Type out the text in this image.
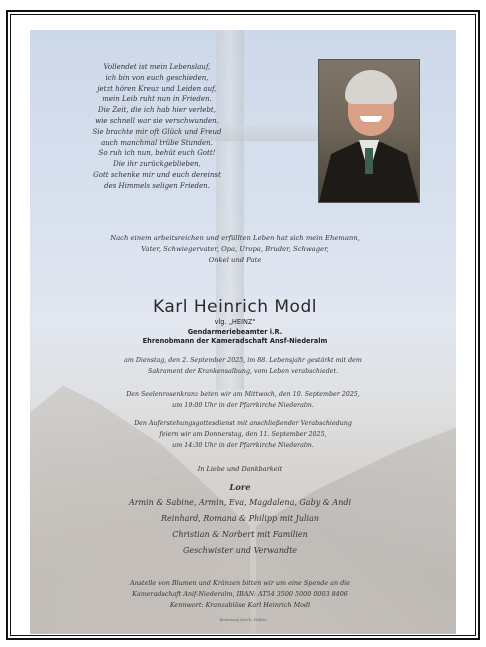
Vollendet ist mein Lebenslauf,
ich bin von euch geschieden,
jetzt hören Kreuz und Leiden auf,
mein Leib ruht nun in Frieden.
Die Zeit, die ich hab hier verlebt,
wie schnell war sie verschwunden.
Sie brachte mir oft Glück und Freud
auch manchmal trübe Stunden.
So ruh ich nun, behüt euch Gott!
Die ihr zurückgeblieben,
Gott schenke mir und euch dereinst
des Himmels seligen Frieden.
Nach einem arbeitsreichen und erfüllten Leben hat sich mein Ehemann,
Vater, Schwiegervater, Opa, Uropa, Bruder, Schwager,
Onkel und Pate
Karl Heinrich Modl
vlg. „HEINZ"
Gendarmeriebeamter i.R.
Ehrenobmann der Kameradschaft Ansf-Niederalm
am Dienstag, den 2. September 2025, im 88. Lebensjahr gestärkt mit dem
Sakrament der Krankensalbung, vom Leben verabschiedet.
Den Seelenrosenkranz beten wir am Mittwoch, den 10. September 2025,
um 19:00 Uhr in der Pfarrkirche Niederalm.
Den Auferstehungsgottesdienst mit anschließender Verabschiedung
feiern wir am Donnerstag, den 11. September 2025,
um 14:30 Uhr in der Pfarrkirche Niederalm.
In Liebe und Dankbarkeit
Lore
Armin & Sabine, Armin, Eva, Magdalena, Gaby & Andi
Reinhard, Romana & Philipp mit Julian
Christian & Norbert mit Familien
Geschwister und Verwandte
Anstelle von Blumen und Kränzen bitten wir um eine Spende an die
Kameradschaft Anif-Niederalm, IBAN: AT54 3500 5000 0003 8406
Kennwort: Kranzablöse Karl Heinrich Modl
Bestattung Kirsch, Hallein
